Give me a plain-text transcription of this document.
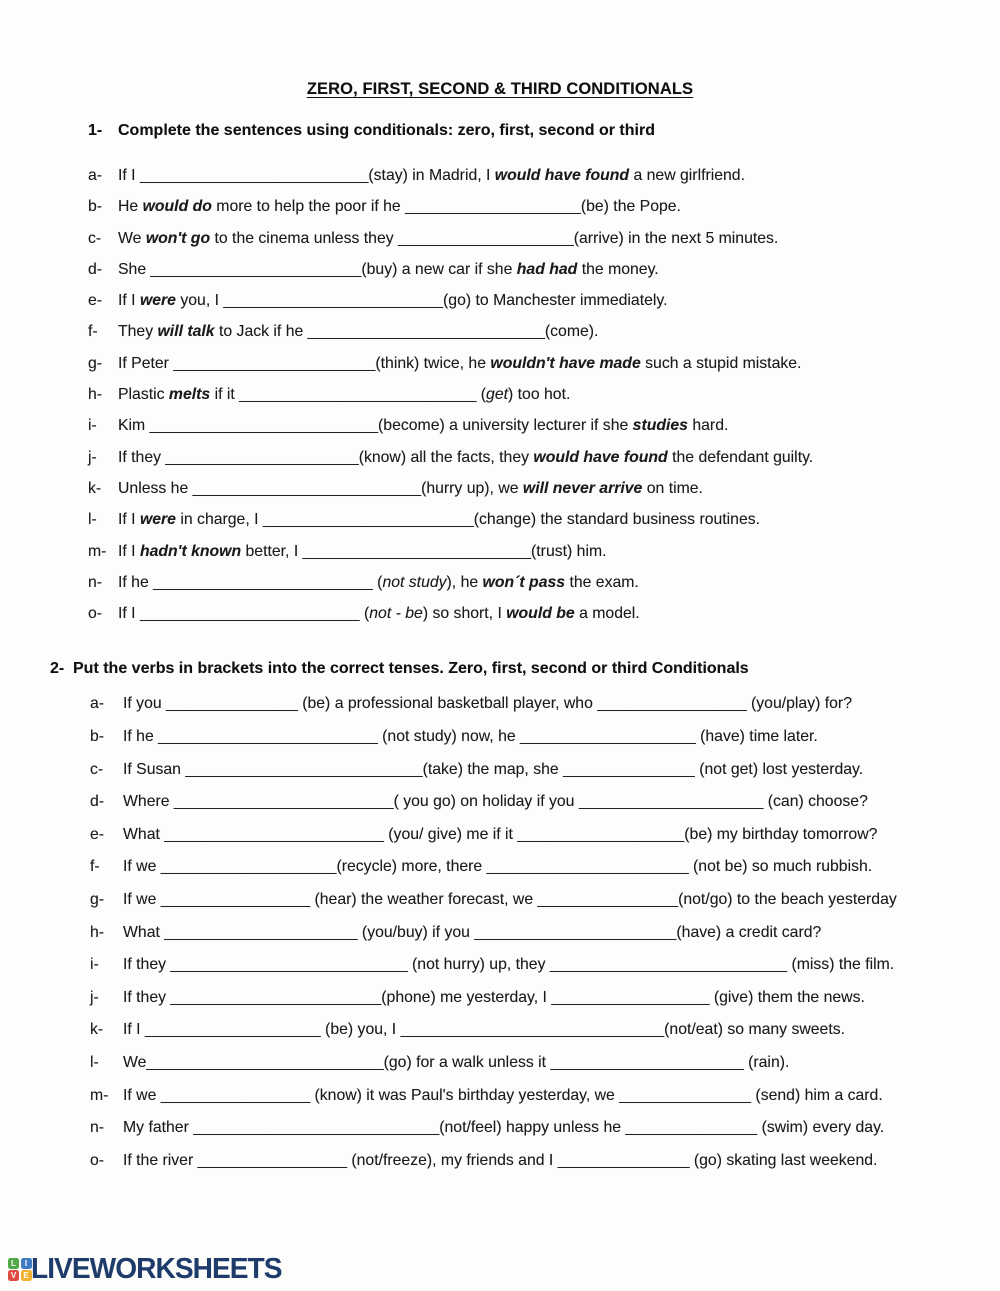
ZERO, FIRST, SECOND & THIRD CONDITIONALS
1- Complete the sentences using conditionals: zero, first, second or third
a-	If I __________________________(stay) in Madrid, I would have found a new girlfriend.
b-	He would do more to help the poor if he ____________________(be) the Pope.
c-	We won't go to the cinema unless they ____________________(arrive) in the next 5 minutes.
d-	She ________________________(buy) a new car if she had had the money.
e-	If I were you, I _________________________(go) to Manchester immediately.
f-	They will talk to Jack if he ___________________________(come).
g-	If Peter _______________________(think) twice, he wouldn't have made such a stupid mistake.
h-	Plastic melts if it ___________________________ (get) too hot.
i-	Kim __________________________(become) a university lecturer if she studies hard.
j-	If they ______________________(know) all the facts, they would have found the defendant guilty.
k-	Unless he __________________________(hurry up), we will never arrive on time.
l-	If I were in charge, I ________________________(change) the standard business routines.
m- If I hadn't known better, I __________________________(trust) him.
n-	If he _________________________ (not study), he won´t pass the exam.
o-	If I _________________________ (not - be) so short, I would be a model.
2- Put the verbs in brackets into the correct tenses. Zero, first, second or third Conditionals
a-	If you _______________ (be) a professional basketball player, who _________________ (you/play) for?
b-	If he _________________________ (not study) now, he ____________________ (have) time later.
c-	If Susan ___________________________(take) the map, she _______________ (not get) lost yesterday.
d-	Where _________________________( you go) on holiday if you _____________________ (can) choose?
e-	What _________________________ (you/ give) me if it ___________________(be) my birthday tomorrow?
f-	If we ____________________(recycle) more, there _______________________ (not be) so much rubbish.
g-	If we _________________ (hear) the weather forecast, we ________________(not/go) to the beach yesterday
h-	What ______________________ (you/buy) if you _______________________(have) a credit card?
i-	If they ___________________________ (not hurry) up, they ___________________________ (miss) the film.
j-	If they ________________________(phone) me yesterday, I __________________ (give) them the news.
k-	If I ____________________ (be) you, I ______________________________(not/eat) so many sweets.
l-	We___________________________(go) for a walk unless it ______________________ (rain).
m- If we _________________ (know) it was Paul's birthday yesterday, we _______________ (send) him a card.
n-	My father ____________________________(not/feel) happy unless he _______________ (swim) every day.
o-	If the river _________________ (not/freeze), my friends and I _______________ (go) skating last weekend.
L	I
V E LIVEWORKSHEETS
